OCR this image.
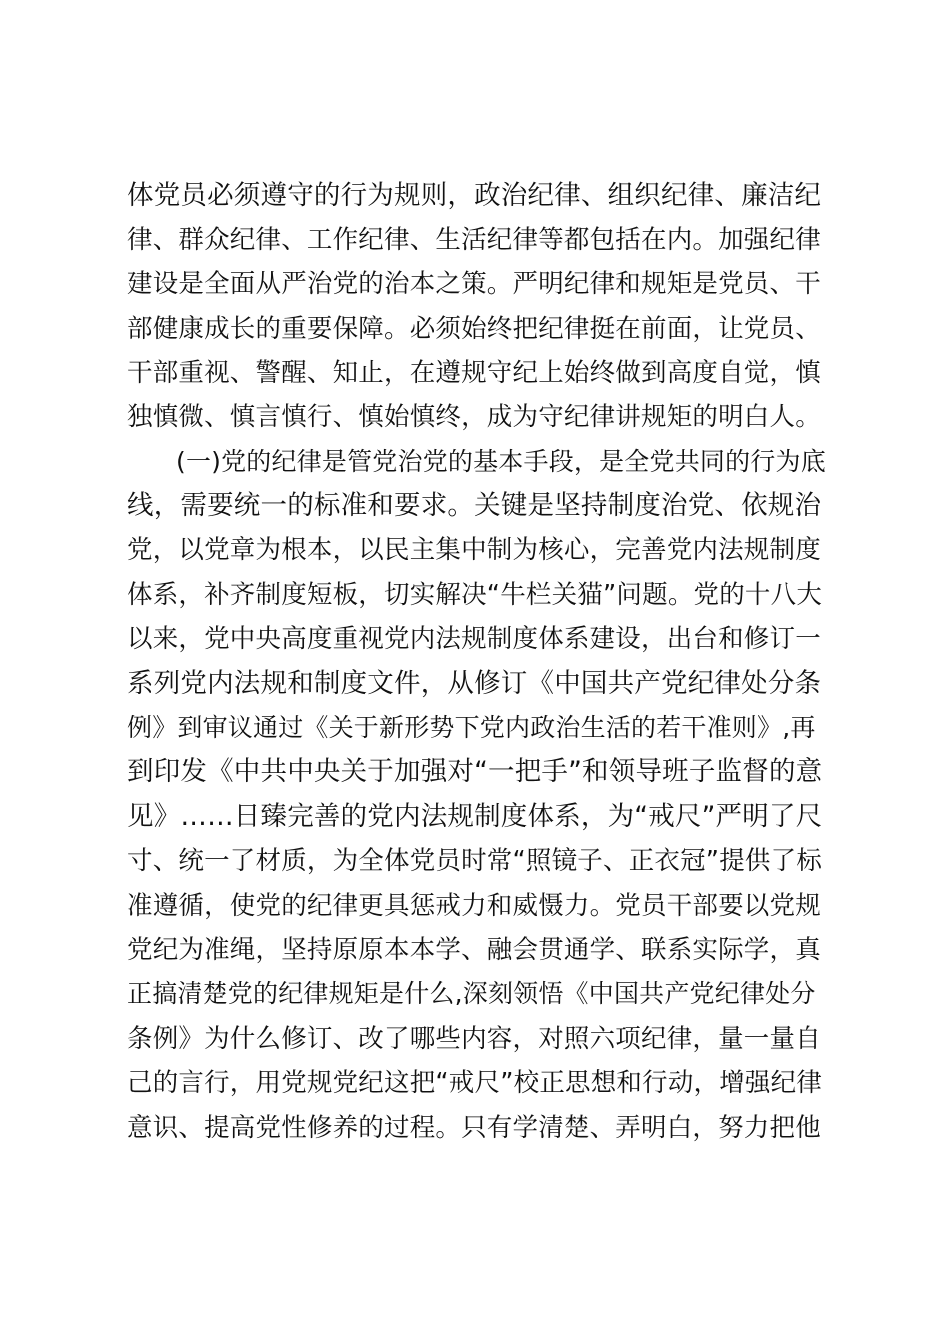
体党员必须遵守的行为规则，政治纪律、组织纪律、廉洁纪
律、群众纪律、工作纪律、生活纪律等都包括在内。加强纪律
建设是全面从严治党的治本之策。严明纪律和规矩是党员、干
部健康成长的重要保障。必须始终把纪律挺在前面，让党员、
干部重视、警醒、知止，在遵规守纪上始终做到高度自觉，慎
独慎微、慎言慎行、慎始慎终，成为守纪律讲规矩的明白人。
(一)党的纪律是管党治党的基本手段，是全党共同的行为底
线，需要统一的标准和要求。关键是坚持制度治党、依规治
党，以党章为根本，以民主集中制为核心，完善党内法规制度
体系，补齐制度短板，切实解决“牛栏关猫”问题。党的十八大
以来，党中央高度重视党内法规制度体系建设，出台和修订一
系列党内法规和制度文件，从修订《中国共产党纪律处分条
例》到审议通过《关于新形势下党内政治生活的若干准则》,再
到印发《中共中央关于加强对“一把手”和领导班子监督的意
见》……日臻完善的党内法规制度体系，为“戒尺”严明了尺
寸、统一了材质，为全体党员时常“照镜子、正衣冠”提供了标
准遵循，使党的纪律更具惩戒力和威慑力。党员干部要以党规
党纪为准绳，坚持原原本本学、融会贯通学、联系实际学，真
正搞清楚党的纪律规矩是什么,深刻领悟《中国共产党纪律处分
条例》为什么修订、改了哪些内容，对照六项纪律，量一量自
己的言行，用党规党纪这把“戒尺”校正思想和行动，增强纪律
意识、提高党性修养的过程。只有学清楚、弄明白，努力把他
